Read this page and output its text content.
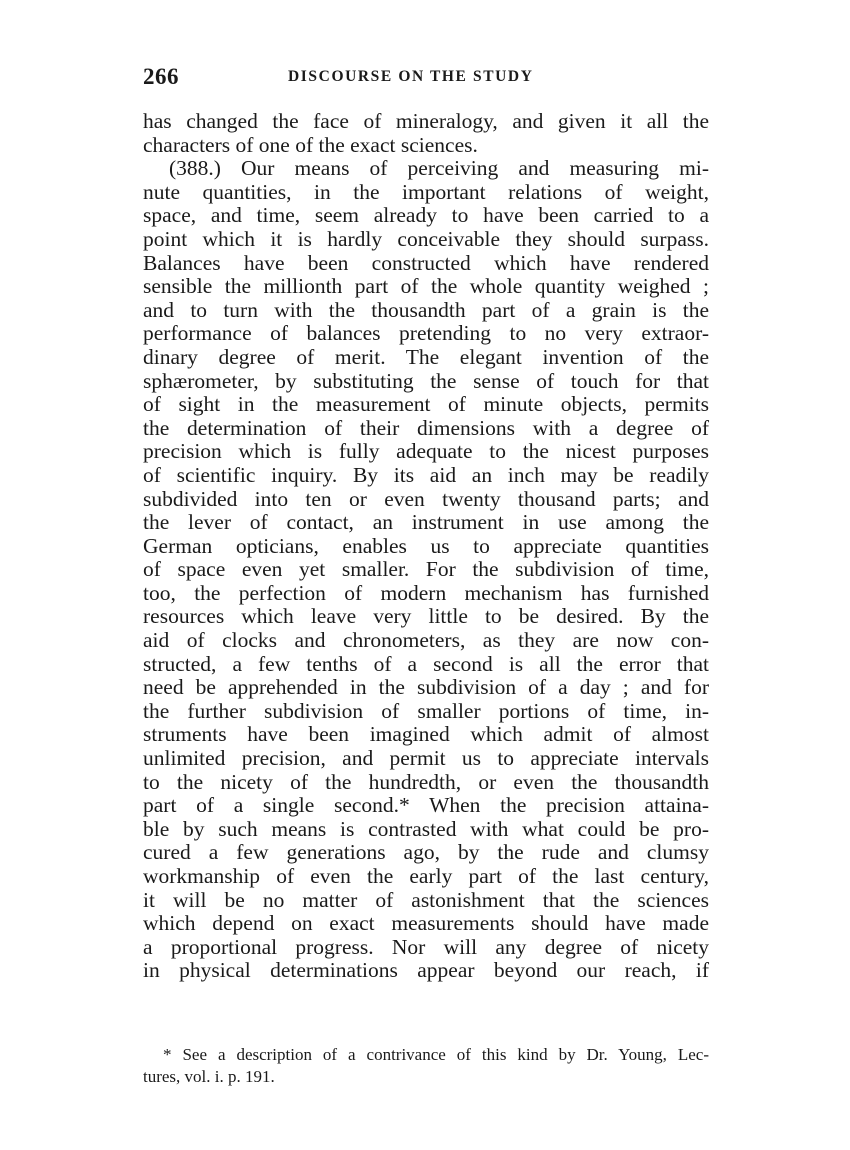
266	DISCOURSE ON THE STUDY
has changed the face of mineralogy, and given it all the
characters of one of the exact sciences.
(388.) Our means of perceiving and measuring mi-
nute quantities, in the important relations of weight,
space, and time, seem already to have been carried to a
point which it is hardly conceivable they should surpass.
Balances have been constructed which have rendered
sensible the millionth part of the whole quantity weighed ;
and to turn with the thousandth part of a grain is the
performance of balances pretending to no very extraor-
dinary degree of merit. The elegant invention of the
sphærometer, by substituting the sense of touch for that
of sight in the measurement of minute objects, permits
the determination of their dimensions with a degree of
precision which is fully adequate to the nicest purposes
of scientific inquiry. By its aid an inch may be readily
subdivided into ten or even twenty thousand parts; and
the lever of contact, an instrument in use among the
German opticians, enables us to appreciate quantities
of space even yet smaller. For the subdivision of time,
too, the perfection of modern mechanism has furnished
resources which leave very little to be desired. By the
aid of clocks and chronometers, as they are now con-
structed, a few tenths of a second is all the error that
need be apprehended in the subdivision of a day ; and for
the further subdivision of smaller portions of time, in-
struments have been imagined which admit of almost
unlimited precision, and permit us to appreciate intervals
to the nicety of the hundredth, or even the thousandth
part of a single second.* When the precision attaina-
ble by such means is contrasted with what could be pro-
cured a few generations ago, by the rude and clumsy
workmanship of even the early part of the last century,
it will be no matter of astonishment that the sciences
which depend on exact measurements should have made
a proportional progress. Nor will any degree of nicety
in physical determinations appear beyond our reach, if
* See a description of a contrivance of this kind by Dr. Young, Lec-
tures, vol. i. p. 191.
